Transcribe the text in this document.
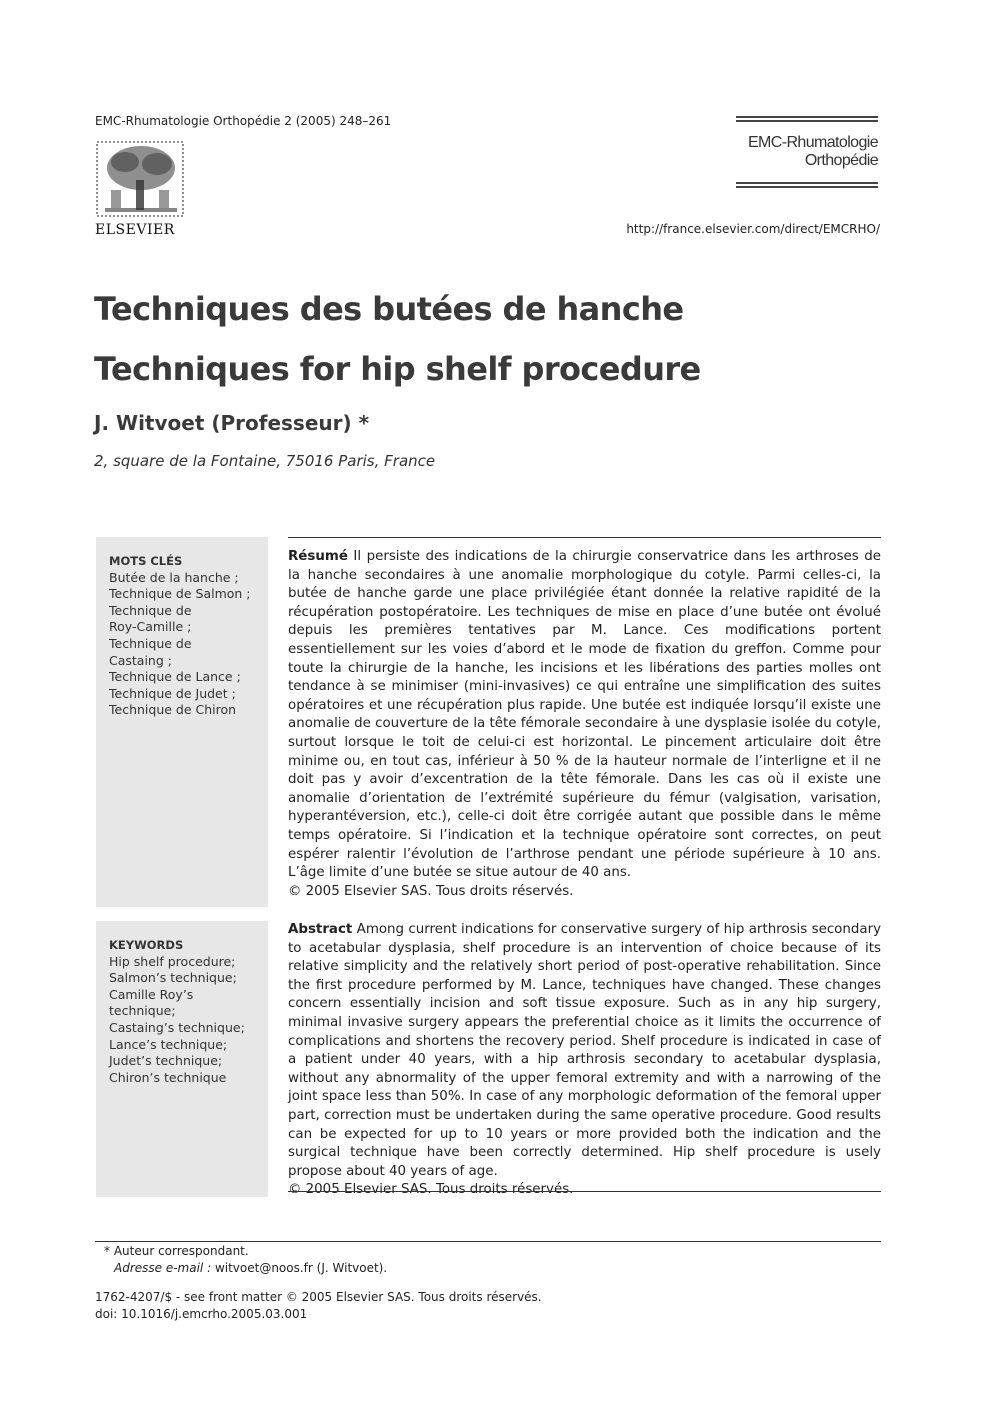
EMC-Rhumatologie Orthopédie 2 (2005) 248–261
ELSEVIER
EMC-Rhumatologie
Orthopédie
http://france.elsevier.com/direct/EMCRHO/
Techniques des butées de hanche
Techniques for hip shelf procedure
J. Witvoet (Professeur) *
2, square de la Fontaine, 75016 Paris, France
MOTS CLÉS
Butée de la hanche ;
Technique de Salmon ;
Technique de
Roy-Camille ;
Technique de
Castaing ;
Technique de Lance ;
Technique de Judet ;
Technique de Chiron
Résumé Il persiste des indications de la chirurgie conservatrice dans les arthroses de la hanche secondaires à une anomalie morphologique du cotyle. Parmi celles-ci, la butée de hanche garde une place privilégiée étant donnée la relative rapidité de la récupération postopératoire. Les techniques de mise en place d’une butée ont évolué depuis les premières tentatives par M. Lance. Ces modifications portent essentiellement sur les voies d’abord et le mode de fixation du greffon. Comme pour toute la chirurgie de la hanche, les incisions et les libérations des parties molles ont tendance à se minimiser (mini-invasives) ce qui entraîne une simplification des suites opératoires et une récupération plus rapide. Une butée est indiquée lorsqu’il existe une anomalie de couverture de la tête fémorale secondaire à une dysplasie isolée du cotyle, surtout lorsque le toit de celui-ci est horizontal. Le pincement articulaire doit être minime ou, en tout cas, inférieur à 50 % de la hauteur normale de l’interligne et il ne doit pas y avoir d’excentration de la tête fémorale. Dans les cas où il existe une anomalie d’orientation de l’extrémité supérieure du fémur (valgisation, varisation, hyperantéversion, etc.), celle-ci doit être corrigée autant que possible dans le même temps opératoire. Si l’indication et la technique opératoire sont correctes, on peut espérer ralentir l’évolution de l’arthrose pendant une période supérieure à 10 ans. L’âge limite d’une butée se situe autour de 40 ans.
© 2005 Elsevier SAS. Tous droits réservés.
KEYWORDS
Hip shelf procedure;
Salmon’s technique;
Camille Roy’s
technique;
Castaing’s technique;
Lance’s technique;
Judet’s technique;
Chiron’s technique
Abstract Among current indications for conservative surgery of hip arthrosis secondary to acetabular dysplasia, shelf procedure is an intervention of choice because of its relative simplicity and the relatively short period of post-operative rehabilitation. Since the first procedure performed by M. Lance, techniques have changed. These changes concern essentially incision and soft tissue exposure. Such as in any hip surgery, minimal invasive surgery appears the preferential choice as it limits the occurrence of complications and shortens the recovery period. Shelf procedure is indicated in case of a patient under 40 years, with a hip arthrosis secondary to acetabular dysplasia, without any abnormality of the upper femoral extremity and with a narrowing of the joint space less than 50%. In case of any morphologic deformation of the femoral upper part, correction must be undertaken during the same operative procedure. Good results can be expected for up to 10 years or more provided both the indication and the surgical technique have been correctly determined. Hip shelf procedure is usely propose about 40 years of age.
© 2005 Elsevier SAS. Tous droits réservés.
* Auteur correspondant.
Adresse e-mail : witvoet@noos.fr (J. Witvoet).
1762-4207/$ - see front matter © 2005 Elsevier SAS. Tous droits réservés.
doi: 10.1016/j.emcrho.2005.03.001
